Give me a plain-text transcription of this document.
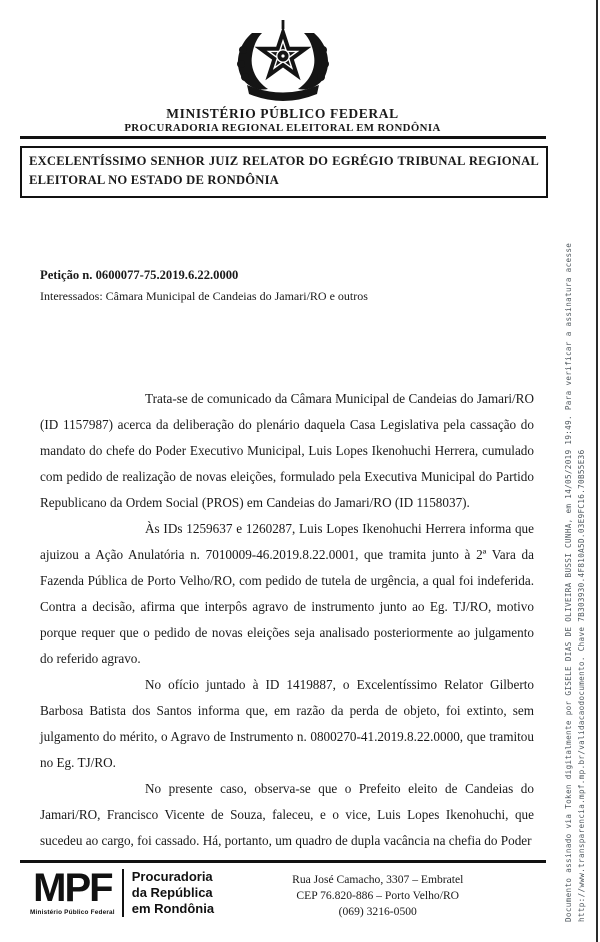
MINISTÉRIO PÚBLICO FEDERAL
PROCURADORIA REGIONAL ELEITORAL EM RONDÔNIA
EXCELENTÍSSIMO SENHOR JUIZ RELATOR DO EGRÉGIO TRIBUNAL REGIONAL ELEITORAL NO ESTADO DE RONDÔNIA
Petição n. 0600077-75.2019.6.22.0000
Interessados: Câmara Municipal de Candeias do Jamari/RO e outros

Trata-se de comunicado da Câmara Municipal de Candeias do Jamari/RO (ID 1157987) acerca da deliberação do plenário daquela Casa Legislativa pela cassação do mandato do chefe do Poder Executivo Municipal, Luis Lopes Ikenohuchi Herrera, cumulado com pedido de realização de novas eleições, formulado pela Executiva Municipal do Partido Republicano da Ordem Social (PROS) em Candeias do Jamari/RO (ID 1158037).

Às IDs 1259637 e 1260287, Luis Lopes Ikenohuchi Herrera informa que ajuizou a Ação Anulatória n. 7010009-46.2019.8.22.0001, que tramita junto à 2ª Vara da Fazenda Pública de Porto Velho/RO, com pedido de tutela de urgência, a qual foi indeferida. Contra a decisão, afirma que interpôs agravo de instrumento junto ao Eg. TJ/RO, motivo porque requer que o pedido de novas eleições seja analisado posteriormente ao julgamento do referido agravo.

No ofício juntado à ID 1419887, o Excelentíssimo Relator Gilberto Barbosa Batista dos Santos informa que, em razão da perda de objeto, foi extinto, sem julgamento do mérito, o Agravo de Instrumento n. 0800270-41.2019.8.22.0000, que tramitou no Eg. TJ/RO.

No presente caso, observa-se que o Prefeito eleito de Candeias do Jamari/RO, Francisco Vicente de Souza, faleceu, e o vice, Luis Lopes Ikenohuchi, que sucedeu ao cargo, foi cassado. Há, portanto, um quadro de dupla vacância na chefia do Poder

MPF
Ministério Público Federal
Procuradoria
da República
em Rondônia
Rua José Camacho, 3307 – Embratel
CEP 76.820-886 – Porto Velho/RO
(069) 3216-0500	Documento assinado via Token digitalmente por GISELE DIAS DE OLIVEIRA BUSSI CUNHA, em 14/05/2019 19:49. Para verificar a assinatura acesse http://www.transparencia.mpf.mp.br/validacaodocumento. Chave 7B303930.4F810A5D.03E9FC16.70B55E36
